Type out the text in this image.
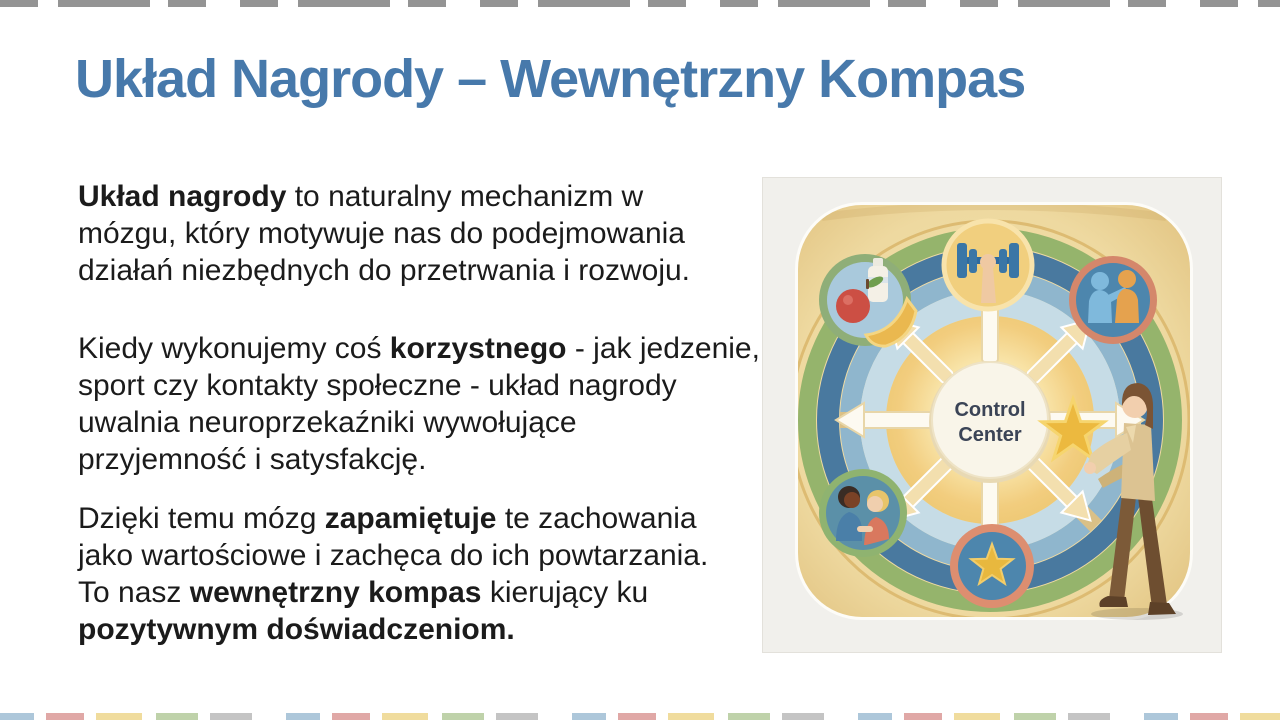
Układ Nagrody – Wewnętrzny Kompas

Układ nagrody to naturalny mechanizm w
mózgu, który motywuje nas do podejmowania
działań niezbędnych do przetrwania i rozwoju.

Kiedy wykonujemy coś korzystnego - jak jedzenie,
sport czy kontakty społeczne - układ nagrody
uwalnia neuroprzekaźniki wywołujące
przyjemność i satysfakcję.

Dzięki temu mózg zapamiętuje te zachowania
jako wartościowe i zachęca do ich powtarzania.
To nasz wewnętrzny kompas kierujący ku
pozytywnym doświadczeniom.

Control
Center
